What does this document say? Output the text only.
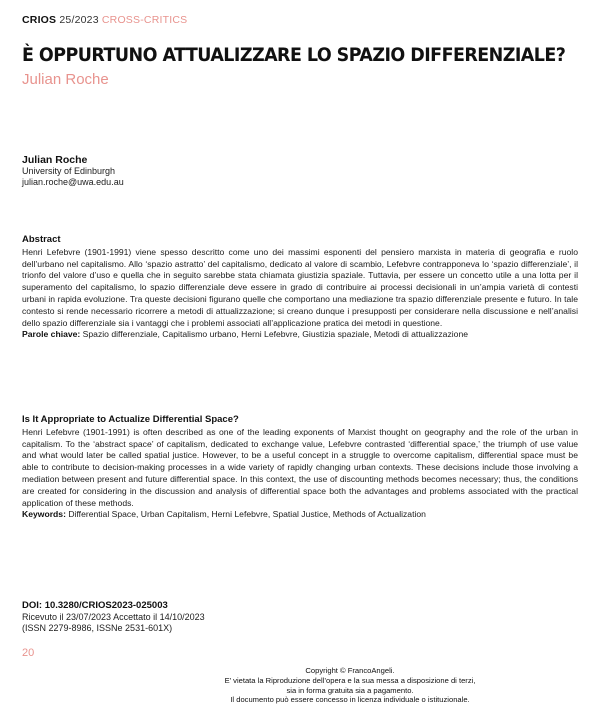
CRIOS 25/2023 CROSS-CRITICS
È OPPURTUNO ATTUALIZZARE LO SPAZIO DIFFERENZIALE?
Julian Roche
Julian Roche
University of Edinburgh
julian.roche@uwa.edu.au
Abstract

Henri Lefebvre (1901-1991) viene spesso descritto come uno dei massimi esponenti del pensiero marxista in materia di geografia e ruolo dell’urbano nel capitalismo. Allo ‘spazio astratto’ del capitalismo, dedicato al valore di scambio, Lefebvre contrapponeva lo ‘spazio differenziale’, il trionfo del valore d’uso e quella che in seguito sarebbe stata chiamata giustizia spaziale. Tuttavia, per essere un concetto utile a una lotta per il superamento del capitalismo, lo spazio differenziale deve essere in grado di contribuire ai processi decisionali in un’ampia varietà di contesti urbani in rapida evoluzione. Tra queste decisioni figurano quelle che comportano una mediazione tra spazio differenziale presente e futuro. In tale contesto si rende necessario ricorrere a metodi di attualizzazione; si creano dunque i presupposti per considerare nella discussione e nell’analisi dello spazio differenziale sia i vantaggi che i problemi associati all’applicazione pratica dei metodi in questione.

Parole chiave: Spazio differenziale, Capitalismo urbano, Herni Lefebvre, Giustizia spaziale, Metodi di attualizzazione

Is It Appropriate to Actualize Differential Space?

Henri Lefebvre (1901-1991) is often described as one of the leading exponents of Marxist thought on geography and the role of the urban in capitalism. To the ‘abstract space’ of capitalism, dedicated to exchange value, Lefebvre contrasted ‘differential space,’ the triumph of use value and what would later be called spatial justice. However, to be a useful concept in a struggle to overcome capitalism, differential space must be able to contribute to decision-making processes in a wide variety of rapidly changing urban contexts. These decisions include those involving a mediation between present and future differential space. In this context, the use of discounting methods becomes necessary; thus, the conditions are created for considering in the discussion and analysis of differential space both the advantages and problems associated with the practical application of these methods.

Keywords: Differential Space, Urban Capitalism, Herni Lefebvre, Spatial Justice, Methods of Actualization

DOI: 10.3280/CRIOS2023-025003
Ricevuto il 23/07/2023 Accettato il 14/10/2023
(ISSN 2279-8986, ISSNe 2531-601X)
20
Copyright © FrancoAngeli.
E’ vietata la Riproduzione dell’opera e la sua messa a disposizione di terzi,
sia in forma gratuita sia a pagamento.
Il documento può essere concesso in licenza individuale o istituzionale.
